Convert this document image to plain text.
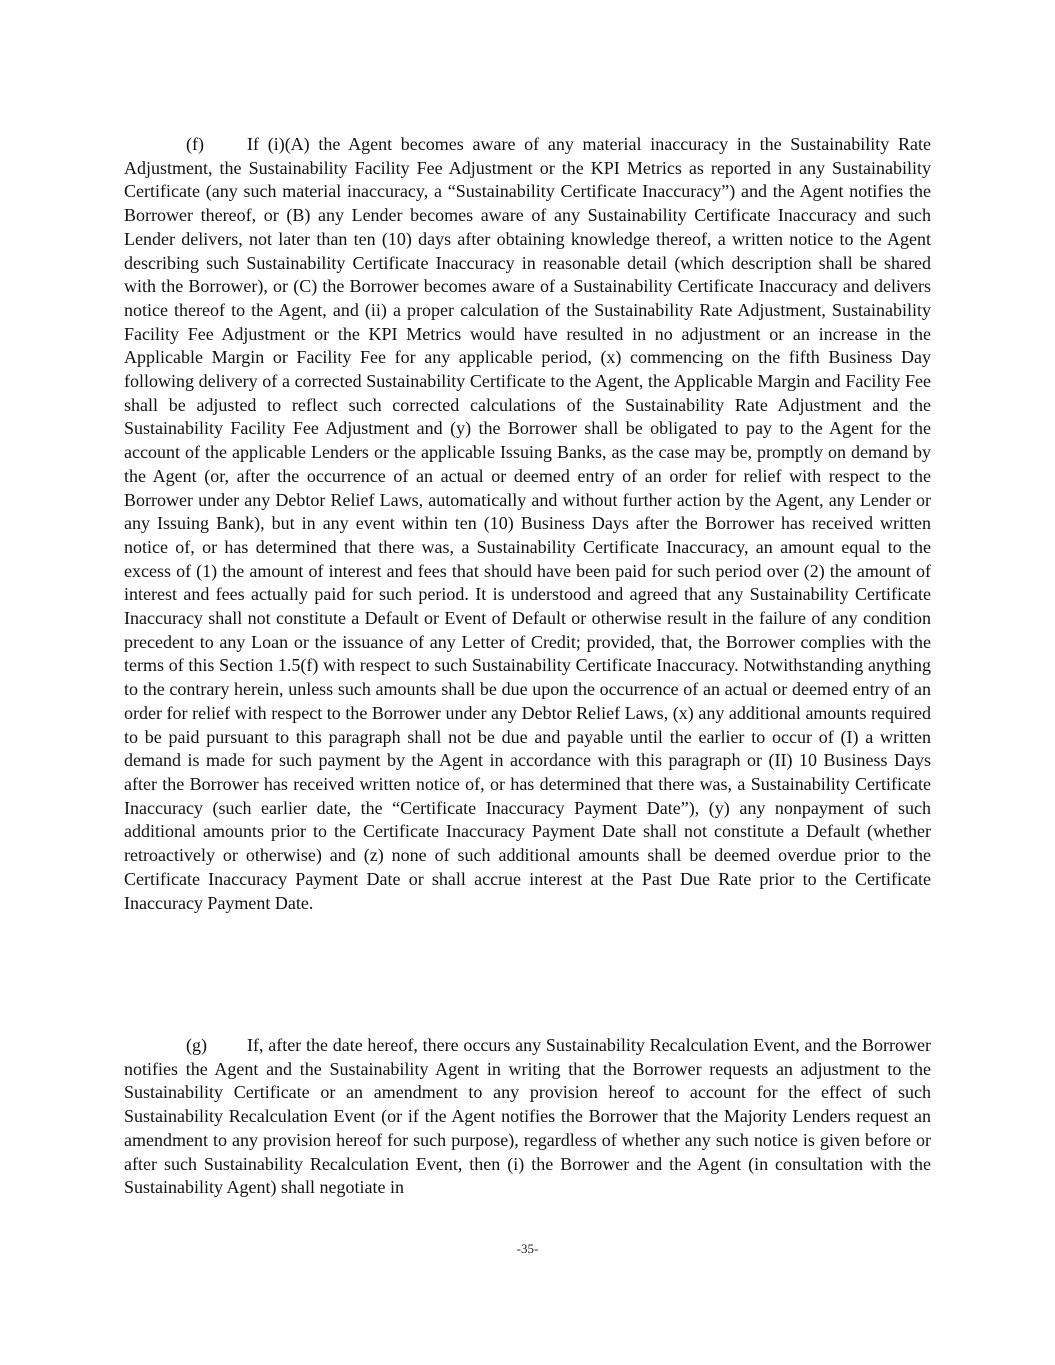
(f) If (i)(A) the Agent becomes aware of any material inaccuracy in the Sustainability Rate Adjustment, the Sustainability Facility Fee Adjustment or the KPI Metrics as reported in any Sustainability Certificate (any such material inaccuracy, a “Sustainability Certificate Inaccuracy”) and the Agent notifies the Borrower thereof, or (B) any Lender becomes aware of any Sustainability Certificate Inaccuracy and such Lender delivers, not later than ten (10) days after obtaining knowledge thereof, a written notice to the Agent describing such Sustainability Certificate Inaccuracy in reasonable detail (which description shall be shared with the Borrower), or (C) the Borrower becomes aware of a Sustainability Certificate Inaccuracy and delivers notice thereof to the Agent, and (ii) a proper calculation of the Sustainability Rate Adjustment, Sustainability Facility Fee Adjustment or the KPI Metrics would have resulted in no adjustment or an increase in the Applicable Margin or Facility Fee for any applicable period, (x) commencing on the fifth Business Day following delivery of a corrected Sustainability Certificate to the Agent, the Applicable Margin and Facility Fee shall be adjusted to reflect such corrected calculations of the Sustainability Rate Adjustment and the Sustainability Facility Fee Adjustment and (y) the Borrower shall be obligated to pay to the Agent for the account of the applicable Lenders or the applicable Issuing Banks, as the case may be, promptly on demand by the Agent (or, after the occurrence of an actual or deemed entry of an order for relief with respect to the Borrower under any Debtor Relief Laws, automatically and without further action by the Agent, any Lender or any Issuing Bank), but in any event within ten (10) Business Days after the Borrower has received written notice of, or has determined that there was, a Sustainability Certificate Inaccuracy, an amount equal to the excess of (1) the amount of interest and fees that should have been paid for such period over (2) the amount of interest and fees actually paid for such period. It is understood and agreed that any Sustainability Certificate Inaccuracy shall not constitute a Default or Event of Default or otherwise result in the failure of any condition precedent to any Loan or the issuance of any Letter of Credit; provided, that, the Borrower complies with the terms of this Section 1.5(f) with respect to such Sustainability Certificate Inaccuracy. Notwithstanding anything to the contrary herein, unless such amounts shall be due upon the occurrence of an actual or deemed entry of an order for relief with respect to the Borrower under any Debtor Relief Laws, (x) any additional amounts required to be paid pursuant to this paragraph shall not be due and payable until the earlier to occur of (I) a written demand is made for such payment by the Agent in accordance with this paragraph or (II) 10 Business Days after the Borrower has received written notice of, or has determined that there was, a Sustainability Certificate Inaccuracy (such earlier date, the “Certificate Inaccuracy Payment Date”), (y) any nonpayment of such additional amounts prior to the Certificate Inaccuracy Payment Date shall not constitute a Default (whether retroactively or otherwise) and (z) none of such additional amounts shall be deemed overdue prior to the Certificate Inaccuracy Payment Date or shall accrue interest at the Past Due Rate prior to the Certificate Inaccuracy Payment Date.

(g) If, after the date hereof, there occurs any Sustainability Recalculation Event, and the Borrower notifies the Agent and the Sustainability Agent in writing that the Borrower requests an adjustment to the Sustainability Certificate or an amendment to any provision hereof to account for the effect of such Sustainability Recalculation Event (or if the Agent notifies the Borrower that the Majority Lenders request an amendment to any provision hereof for such purpose), regardless of whether any such notice is given before or after such Sustainability Recalculation Event, then (i) the Borrower and the Agent (in consultation with the Sustainability Agent) shall negotiate in

-35-
